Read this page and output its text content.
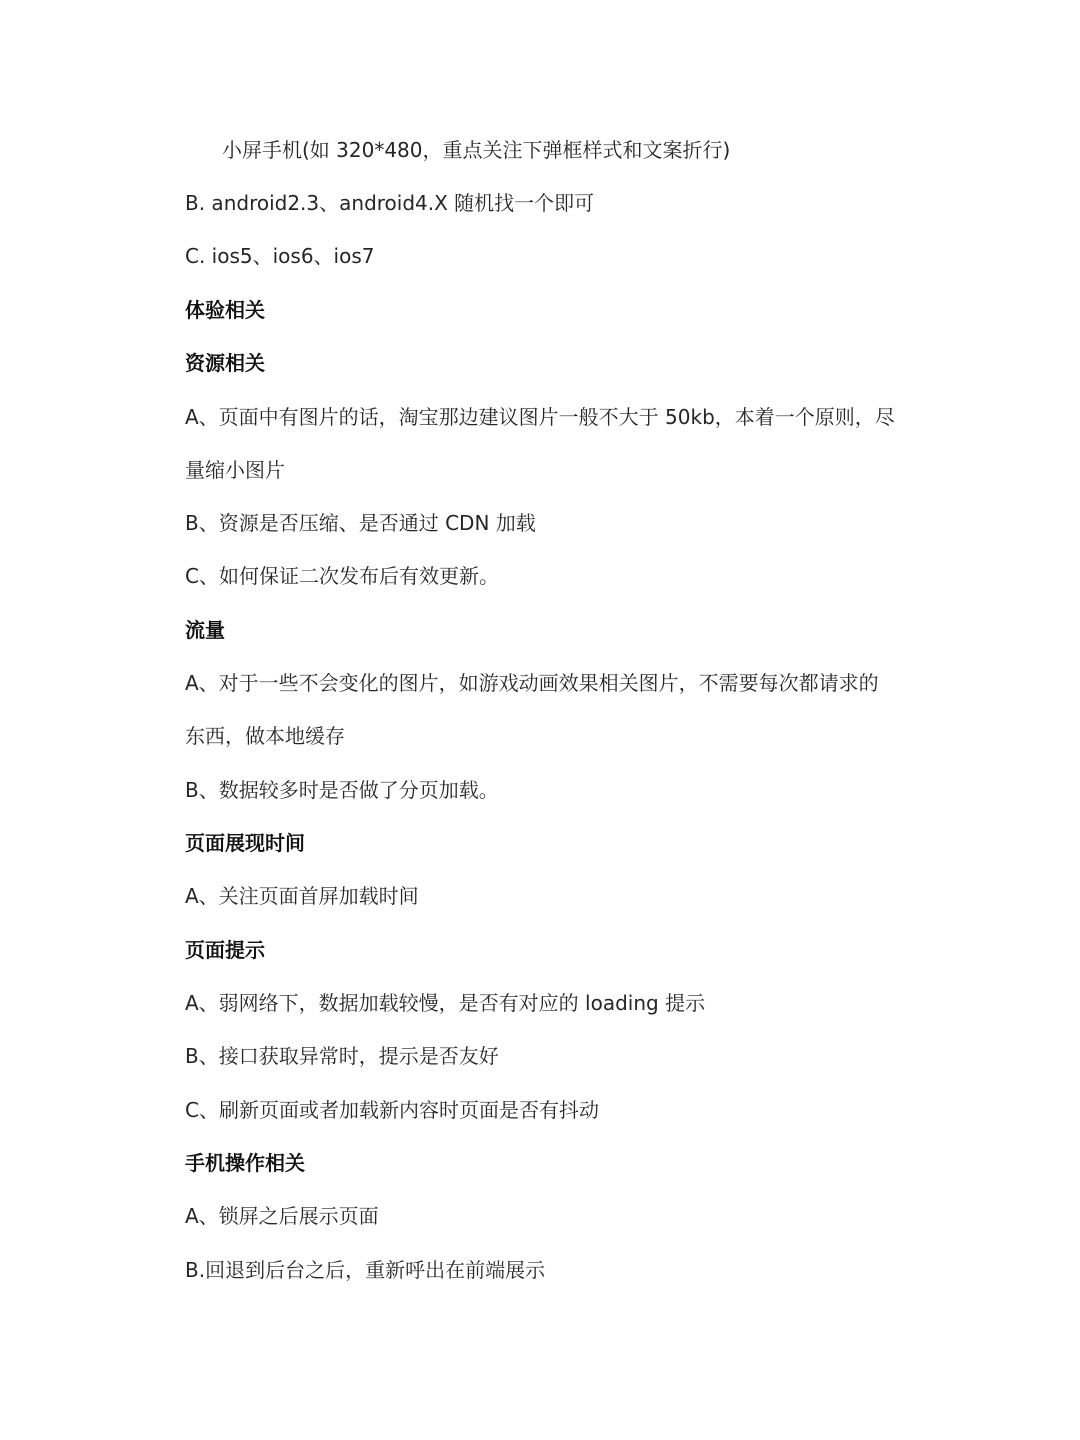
小屏手机(如 320*480，重点关注下弹框样式和文案折行)
B. android2.3、android4.X 随机找一个即可
C. ios5、ios6、ios7
体验相关
资源相关
A、页面中有图片的话，淘宝那边建议图片一般不大于 50kb，本着一个原则，尽
量缩小图片
B、资源是否压缩、是否通过 CDN 加载
C、如何保证二次发布后有效更新。
流量
A、对于一些不会变化的图片，如游戏动画效果相关图片，不需要每次都请求的
东西，做本地缓存
B、数据较多时是否做了分页加载。
页面展现时间
A、关注页面首屏加载时间
页面提示
A、弱网络下，数据加载较慢，是否有对应的 loading 提示
B、接口获取异常时，提示是否友好
C、刷新页面或者加载新内容时页面是否有抖动
手机操作相关
A、锁屏之后展示页面
B.回退到后台之后，重新呼出在前端展示
